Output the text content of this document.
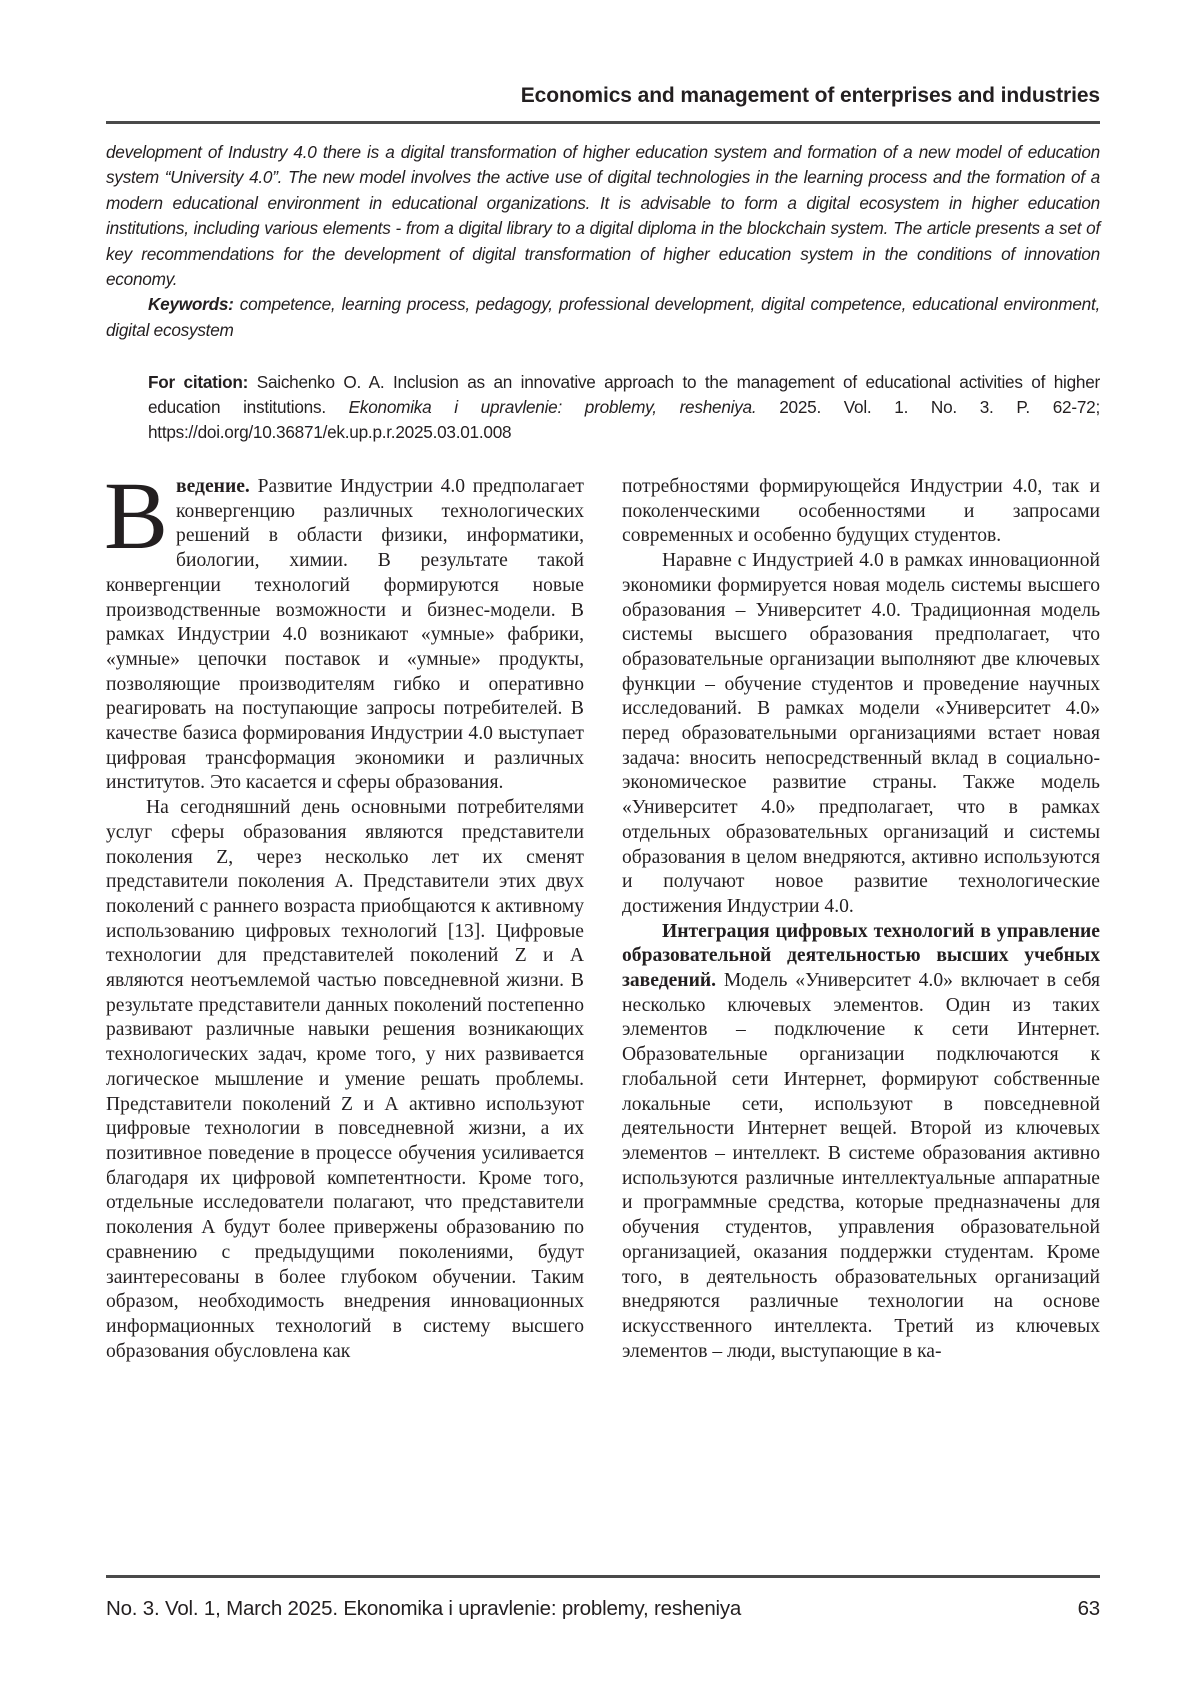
Economics and management of enterprises and industries

development of Industry 4.0 there is a digital transformation of higher education system and formation of a new model of education system “University 4.0”. The new model involves the active use of digital technologies in the learning process and the formation of a modern educational environment in educational organizations. It is advisable to form a digital ecosystem in higher education institutions, including various elements - from a digital library to a digital diploma in the blockchain system. The article presents a set of key recommendations for the development of digital transformation of higher education system in the conditions of innovation economy.

Keywords: competence, learning process, pedagogy, professional development, digital competence, educational environment, digital ecosystem

For citation: Saichenko O. A. Inclusion as an innovative approach to the management of educational activities of higher education institutions. Ekonomika i upravlenie: problemy, resheniya. 2025. Vol. 1. No. 3. P. 62-72; https://doi.org/10.36871/ek.up.p.r.2025.03.01.008

Введение. Развитие Индустрии 4.0 предполагает конвергенцию различных технологических решений в области физики, информатики, биологии, химии. В результате такой конвергенции технологий формируются новые производственные возможности и бизнес-модели. В рамках Индустрии 4.0 возникают «умные» фабрики, «умные» цепочки поставок и «умные» продукты, позволяющие производителям гибко и оперативно реагировать на поступающие запросы потребителей. В качестве базиса формирования Индустрии 4.0 выступает цифровая трансформация экономики и различных институтов. Это касается и сферы образования.

На сегодняшний день основными потребителями услуг сферы образования являются представители поколения Z, через несколько лет их сменят представители поколения А. Представители этих двух поколений с раннего возраста приобщаются к активному использованию цифровых технологий [13]. Цифровые технологии для представителей поколений Z и А являются неотъемлемой частью повседневной жизни. В результате представители данных поколений постепенно развивают различные навыки решения возникающих технологических задач, кроме того, у них развивается логическое мышление и умение решать проблемы. Представители поколений Z и А активно используют цифровые технологии в повседневной жизни, а их позитивное поведение в процессе обучения усиливается благодаря их цифровой компетентности. Кроме того, отдельные исследователи полагают, что представители поколения А будут более привержены образованию по сравнению с предыдущими поколениями, будут заинтересованы в более глубоком обучении. Таким образом, необходимость внедрения инновационных информационных технологий в систему высшего образования обусловлена как

потребностями формирующейся Индустрии 4.0, так и поколенческими особенностями и запросами современных и особенно будущих студентов.

Наравне с Индустрией 4.0 в рамках инновационной экономики формируется новая модель системы высшего образования – Университет 4.0. Традиционная модель системы высшего образования предполагает, что образовательные организации выполняют две ключевых функции – обучение студентов и проведение научных исследований. В рамках модели «Университет 4.0» перед образовательными организациями встает новая задача: вносить непосредственный вклад в социально-экономическое развитие страны. Также модель «Университет 4.0» предполагает, что в рамках отдельных образовательных организаций и системы образования в целом внедряются, активно используются и получают новое развитие технологические достижения Индустрии 4.0.

Интеграция цифровых технологий в управление образовательной деятельностью высших учебных заведений. Модель «Университет 4.0» включает в себя несколько ключевых элементов. Один из таких элементов – подключение к сети Интернет. Образовательные организации подключаются к глобальной сети Интернет, формируют собственные локальные сети, используют в повседневной деятельности Интернет вещей. Второй из ключевых элементов – интеллект. В системе образования активно используются различные интеллектуальные аппаратные и программные средства, которые предназначены для обучения студентов, управления образовательной организацией, оказания поддержки студентам. Кроме того, в деятельность образовательных организаций внедряются различные технологии на основе искусственного интеллекта. Третий из ключевых элементов – люди, выступающие в ка-

No. 3. Vol. 1, March 2025. Ekonomika i upravlenie: problemy, resheniya	63
